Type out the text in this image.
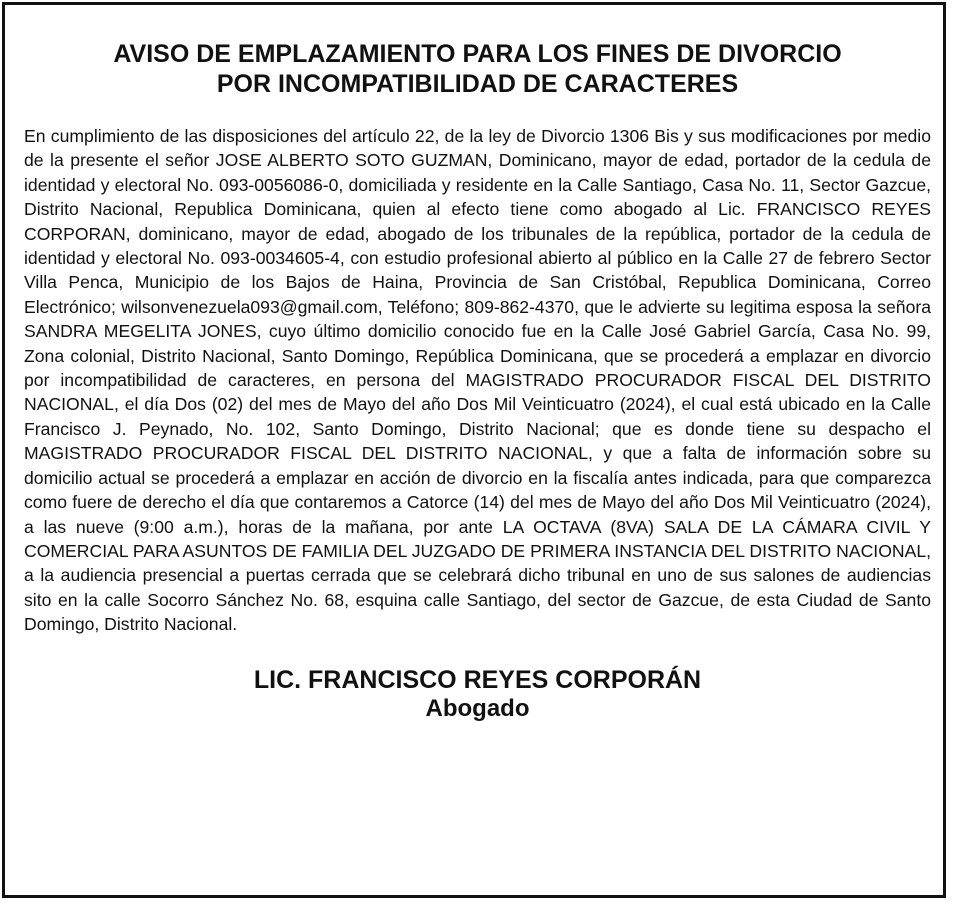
AVISO DE EMPLAZAMIENTO PARA LOS FINES DE DIVORCIO
POR INCOMPATIBILIDAD DE CARACTERES

En cumplimiento de las disposiciones del artículo 22, de la ley de Divorcio 1306 Bis y sus modificaciones por medio de la presente el señor JOSE ALBERTO SOTO GUZMAN, Dominicano, mayor de edad, portador de la cedula de identidad y electoral No. 093-0056086-0, domiciliada y residente en la Calle Santiago, Casa No. 11, Sector Gazcue, Distrito Nacional, Republica Dominicana, quien al efecto tiene como abogado al Lic. FRANCISCO REYES CORPORAN, dominicano, mayor de edad, abogado de los tribunales de la república, portador de la cedula de identidad y electoral No. 093-0034605-4, con estudio profesional abierto al público en la Calle 27 de febrero Sector Villa Penca, Municipio de los Bajos de Haina, Provincia de San Cristóbal, Republica Dominicana, Correo Electrónico; wilsonvenezuela093@gmail.com, Teléfono; 809-862-4370, que le advierte su legitima esposa la señora SANDRA MEGELITA JONES, cuyo último domicilio conocido fue en la Calle José Gabriel García, Casa No. 99, Zona colonial, Distrito Nacional, Santo Domingo, República Dominicana, que se procederá a emplazar en divorcio por incompatibilidad de caracteres, en persona del MAGISTRADO PROCURADOR FISCAL DEL DISTRITO NACIONAL, el día Dos (02) del mes de Mayo del año Dos Mil Veinticuatro (2024), el cual está ubicado en la Calle Francisco J. Peynado, No. 102, Santo Domingo, Distrito Nacional; que es donde tiene su despacho el MAGISTRADO PROCURADOR FISCAL DEL DISTRITO NACIONAL, y que a falta de información sobre su domicilio actual se procederá a emplazar en acción de divorcio en la fiscalía antes indicada, para que comparezca como fuere de derecho el día que contaremos a Catorce (14) del mes de Mayo del año Dos Mil Veinticuatro (2024), a las nueve (9:00 a.m.), horas de la mañana, por ante LA OCTAVA (8VA) SALA DE LA CÁMARA CIVIL Y COMERCIAL PARA ASUNTOS DE FAMILIA DEL JUZGADO DE PRIMERA INSTANCIA DEL DISTRITO NACIONAL, a la audiencia presencial a puertas cerrada que se celebrará dicho tribunal en uno de sus salones de audiencias sito en la calle Socorro Sánchez No. 68, esquina calle Santiago, del sector de Gazcue, de esta Ciudad de Santo Domingo, Distrito Nacional.

LIC. FRANCISCO REYES CORPORÁN
Abogado
